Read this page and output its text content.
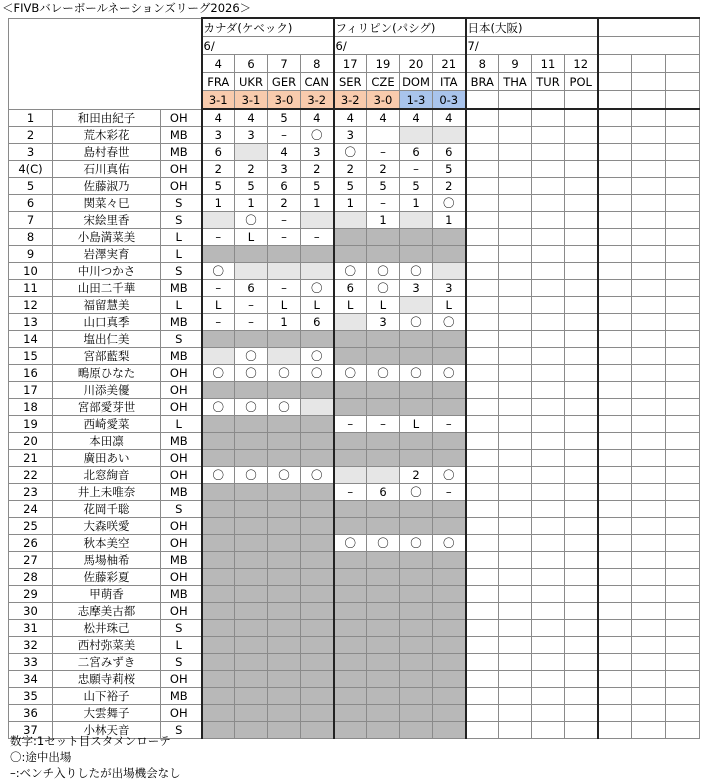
＜FIVBバレーボールネーションズリーグ2026＞
				カナダ(ケベック)				フィリピン(パシグ)				日本(大阪)						
				6/				6/				7/						
				4	6	7	8	17	19	20	21	8	9	11	12			
				FRA	UKR	GER	CAN	SER	CZE	DOM	ITA	BRA	THA	TUR	POL			
				3-1	3-1	3-0	3-2	3-2	3-0	1-3	0-3							
1	和田由紀子	OH		4	4	5	4	4	4	4	4							
2	荒木彩花	MB		3	3	–	〇	3										
3	島村春世	MB		6		4	3	〇	–	6	6							
4(C)	石川真佑	OH		2	2	3	2	2	2	–	5							
5	佐藤淑乃	OH		5	5	6	5	5	5	5	2							
6	関菜々巳	S		1	1	2	1	1	–	1	〇							
7	宋絵里香	S			〇	–			1		1							
8	小島満菜美	L		–	L	–	–											
9	岩澤実育	L																
10	中川つかさ	S		〇				〇	〇	〇								
11	山田二千華	MB		–	6	–	〇	6	〇	3	3							
12	福留慧美	L		L	–	L	L	L	L		L							
13	山口真季	MB		–	–	1	6		3	〇	〇							
14	塩出仁美	S																
15	宮部藍梨	MB			〇		〇											
16	鴫原ひなた	OH		〇	〇	〇	〇	〇	〇	〇	〇							
17	川添美優	OH																
18	宮部愛芽世	OH		〇	〇	〇												
19	西崎愛菜	L						–	–	L	–							
20	本田凛	MB																
21	廣田あい	OH																
22	北窓絢音	OH		〇	〇	〇	〇			2	〇							
23	井上未唯奈	MB						–	6	〇	–							
24	花岡千聡	S																
25	大森咲愛	OH																
26	秋本美空	OH						〇	〇	〇	〇							
27	馬場柚希	MB																
28	佐藤彩夏	OH																
29	甲萌香	MB																
30	志摩美古都	OH																
31	松井珠己	S																
32	西村弥菜美	L																
33	二宮みずき	S																
34	忠願寺莉桜	OH																
35	山下裕子	MB																
36	大雲舞子	OH																
37	小林天音	S																
数字:1セット目スタメンローテ
〇:途中出場
–:ベンチ入りしたが出場機会なし
